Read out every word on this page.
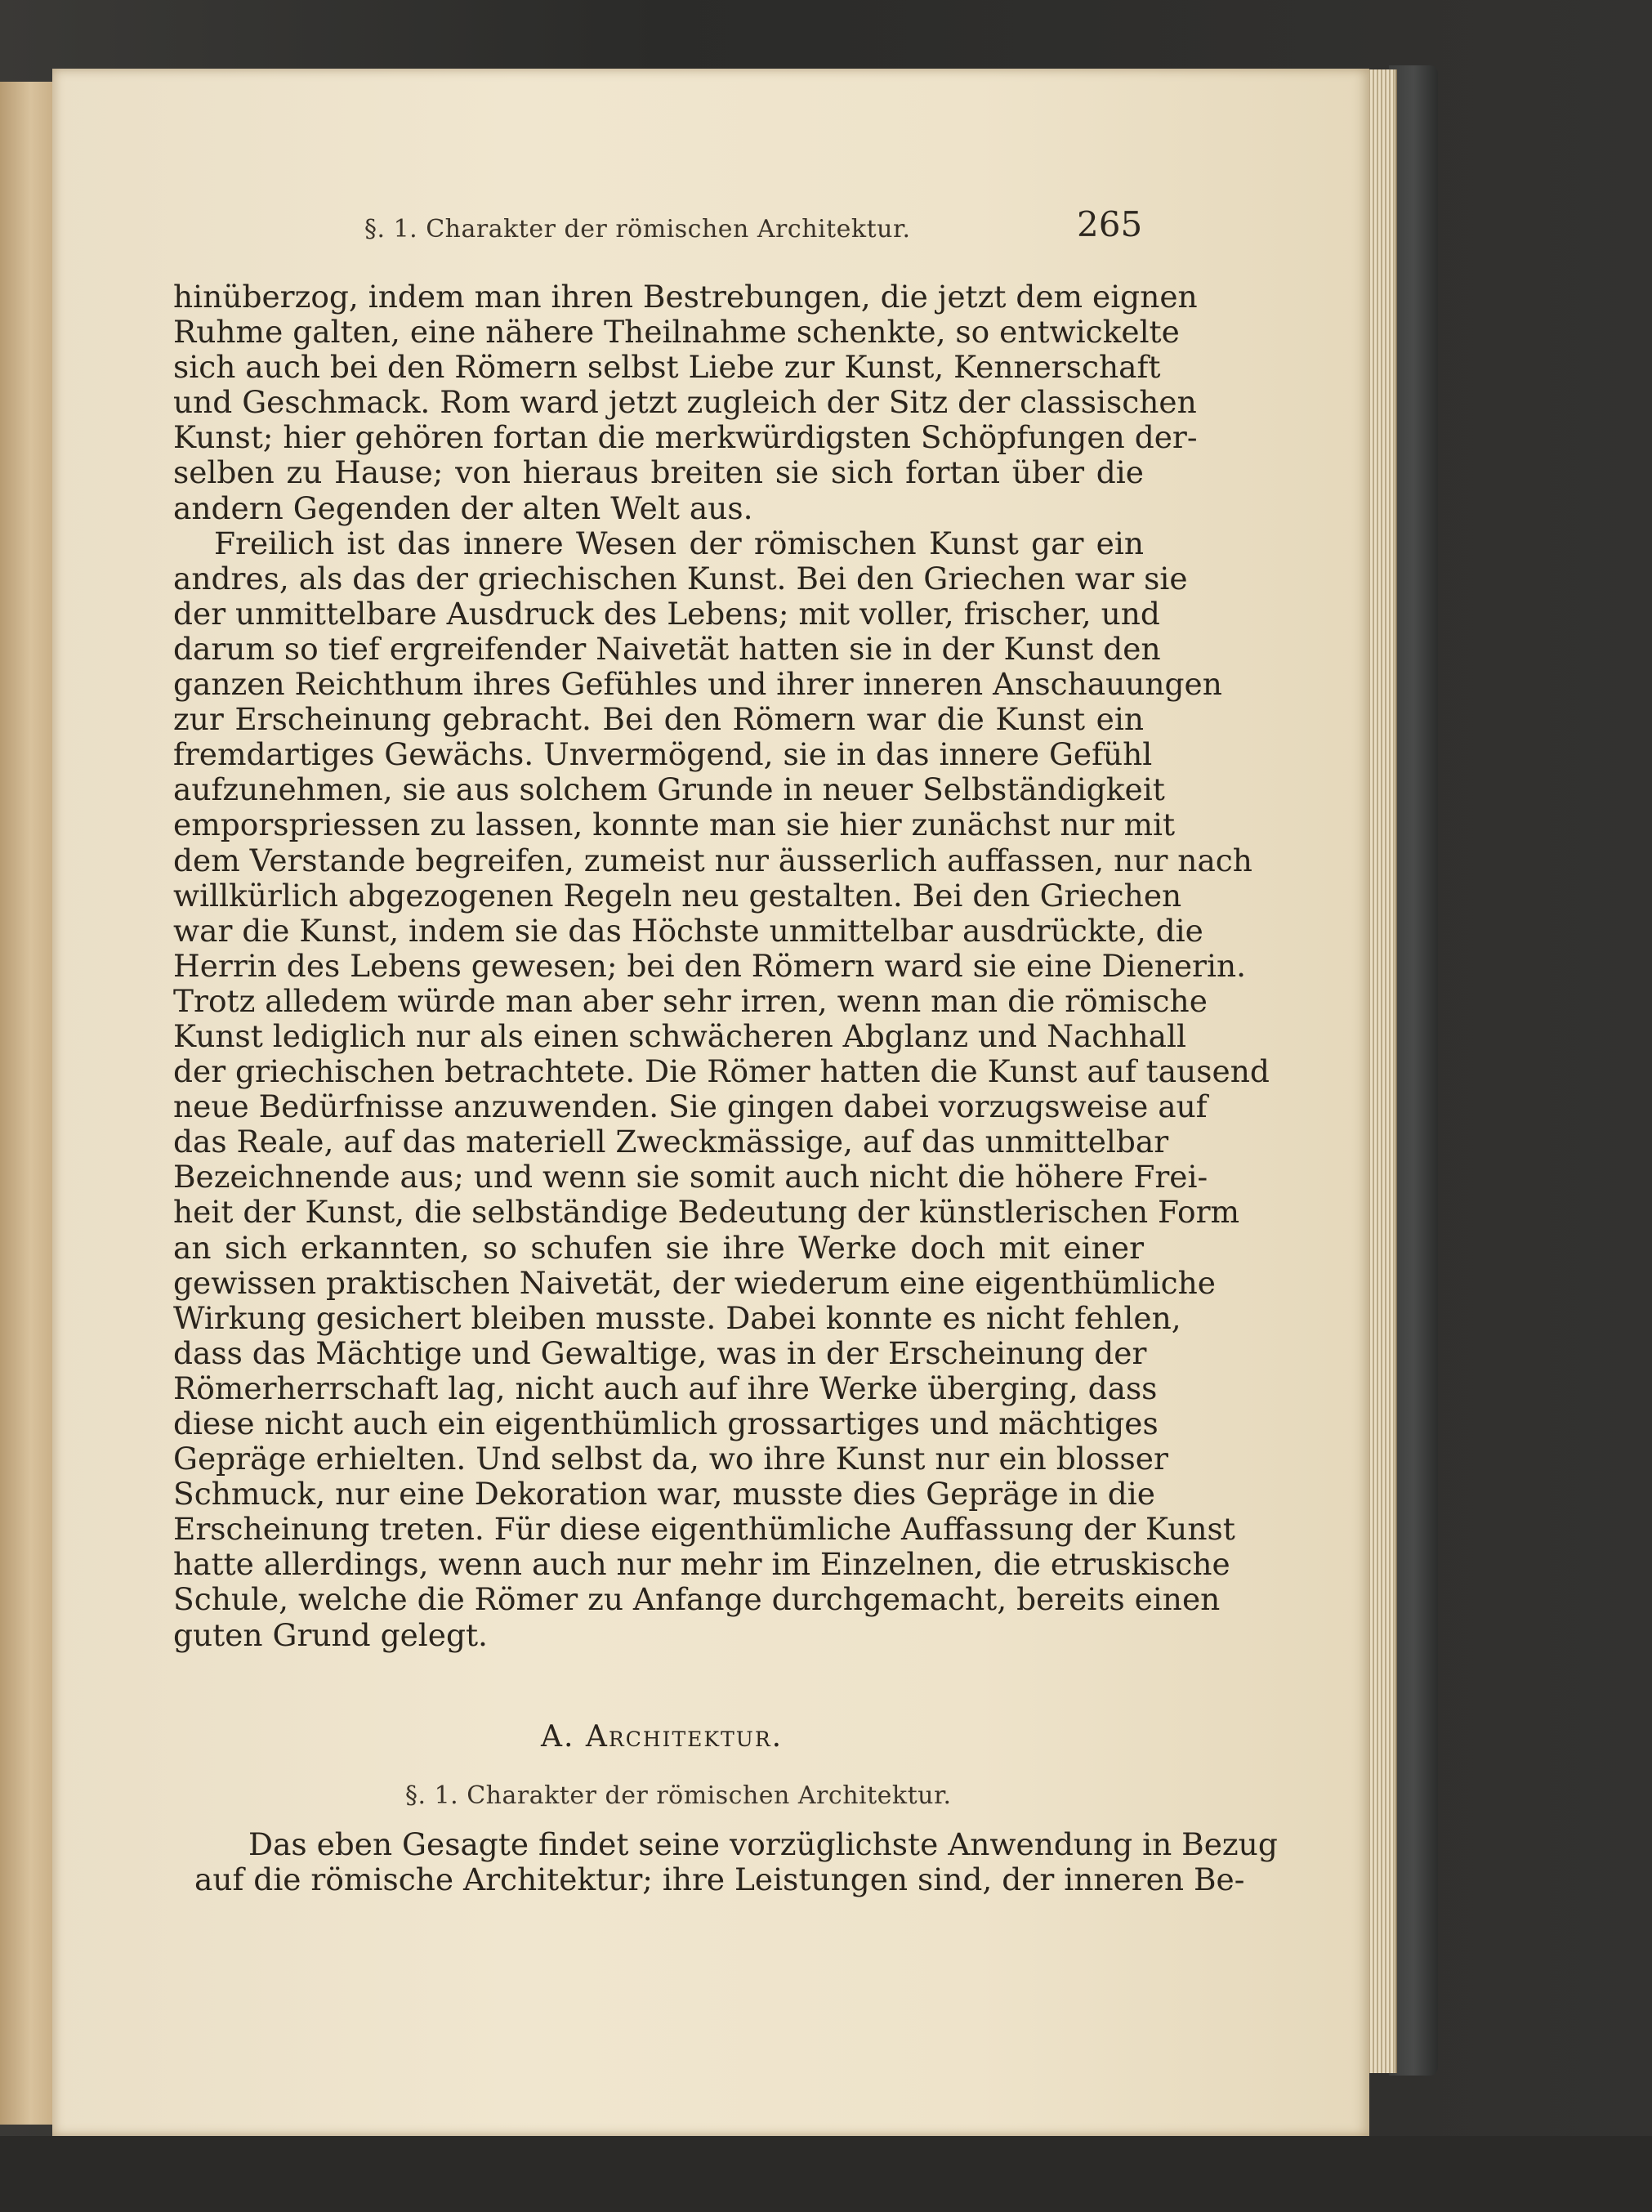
§. 1. Charakter der römischen Architektur.	265
hinüberzog, indem man ihren Bestrebungen, die jetzt dem eignen
Ruhme galten, eine nähere Theilnahme schenkte, so entwickelte
sich auch bei den Römern selbst Liebe zur Kunst, Kennerschaft
und Geschmack. Rom ward jetzt zugleich der Sitz der classischen
Kunst; hier gehören fortan die merkwürdigsten Schöpfungen der-
selben zu Hause; von hieraus breiten sie sich fortan über die
andern Gegenden der alten Welt aus.
Freilich ist das innere Wesen der römischen Kunst gar ein
andres, als das der griechischen Kunst. Bei den Griechen war sie
der unmittelbare Ausdruck des Lebens; mit voller, frischer, und
darum so tief ergreifender Naivetät hatten sie in der Kunst den
ganzen Reichthum ihres Gefühles und ihrer inneren Anschauungen
zur Erscheinung gebracht. Bei den Römern war die Kunst ein
fremdartiges Gewächs. Unvermögend, sie in das innere Gefühl
aufzunehmen, sie aus solchem Grunde in neuer Selbständigkeit
emporspriessen zu lassen, konnte man sie hier zunächst nur mit
dem Verstande begreifen, zumeist nur äusserlich auffassen, nur nach
willkürlich abgezogenen Regeln neu gestalten. Bei den Griechen
war die Kunst, indem sie das Höchste unmittelbar ausdrückte, die
Herrin des Lebens gewesen; bei den Römern ward sie eine Dienerin.
Trotz alledem würde man aber sehr irren, wenn man die römische
Kunst lediglich nur als einen schwächeren Abglanz und Nachhall
der griechischen betrachtete. Die Römer hatten die Kunst auf tausend
neue Bedürfnisse anzuwenden. Sie gingen dabei vorzugsweise auf
das Reale, auf das materiell Zweckmässige, auf das unmittelbar
Bezeichnende aus; und wenn sie somit auch nicht die höhere Frei-
heit der Kunst, die selbständige Bedeutung der künstlerischen Form
an sich erkannten, so schufen sie ihre Werke doch mit einer
gewissen praktischen Naivetät, der wiederum eine eigenthümliche
Wirkung gesichert bleiben musste. Dabei konnte es nicht fehlen,
dass das Mächtige und Gewaltige, was in der Erscheinung der
Römerherrschaft lag, nicht auch auf ihre Werke überging, dass
diese nicht auch ein eigenthümlich grossartiges und mächtiges
Gepräge erhielten. Und selbst da, wo ihre Kunst nur ein blosser
Schmuck, nur eine Dekoration war, musste dies Gepräge in die
Erscheinung treten. Für diese eigenthümliche Auffassung der Kunst
hatte allerdings, wenn auch nur mehr im Einzelnen, die etruskische
Schule, welche die Römer zu Anfange durchgemacht, bereits einen
guten Grund gelegt.
A. Architektur.
§. 1. Charakter der römischen Architektur.
Das eben Gesagte findet seine vorzüglichste Anwendung in Bezug
auf die römische Architektur; ihre Leistungen sind, der inneren Be-
